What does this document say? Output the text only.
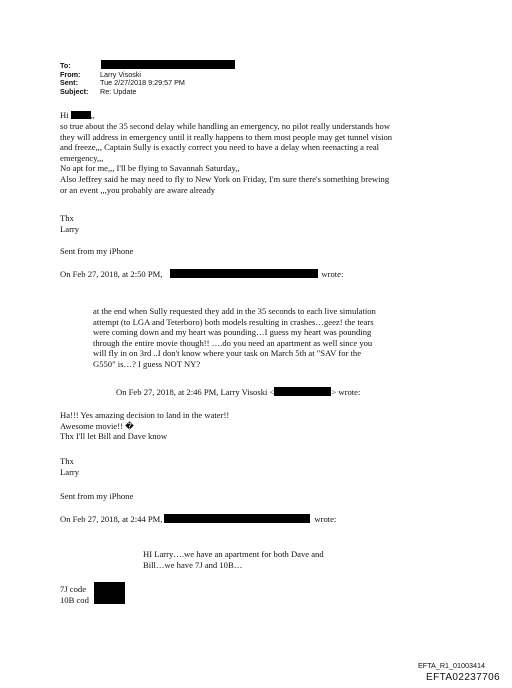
To:
From:	Larry Visoski
Sent:	Tue 2/27/2018 9:29:57 PM
Subject: Re: Update
Hi	,,
so true about the 35 second delay while handling an emergency, no pilot really understands how
they will address in emergency until it really happens to them most people may get tunnel vision
and freeze,,, Captain Sully is exactly correct you need to have a delay when reenacting a real
emergency,,,
No apt for me,,, I'll be flying to Savannah Saturday,,
Also Jeffrey said he may need to fly to New York on Friday, I'm sure there's something brewing
or an event ,,,you probably are aware already
Thx
Larry
Sent from my iPhone
On Feb 27, 2018, at 2:50 PM,	wrote:
at the end when Sully requested they add in the 35 seconds to each live simulation
attempt (to LGA and Teterboro) both models resulting in crashes…geez! the tears
were coming down and my heart was pounding…I guess my heart was pounding
through the entire movie though!! ….do you need an apartment as well since you
will fly in on 3rd ..I don't know where your task on March 5th at "SAV for the
G550" is…? I guess NOT NY?
On Feb 27, 2018, at 2:46 PM, Larry Visoski <	> wrote:
Ha!!! Yes amazing decision to land in the water!!
Awesome movie!! �
Thx I'll let Bill and Dave know
Thx
Larry
Sent from my iPhone
On Feb 27, 2018, at 2:44 PM,	wrote:
HI Larry….we have an apartment for both Dave and
Bill…we have 7J and 10B…
7J code
10B cod
EFTA_R1_01003414
EFTA02237706
